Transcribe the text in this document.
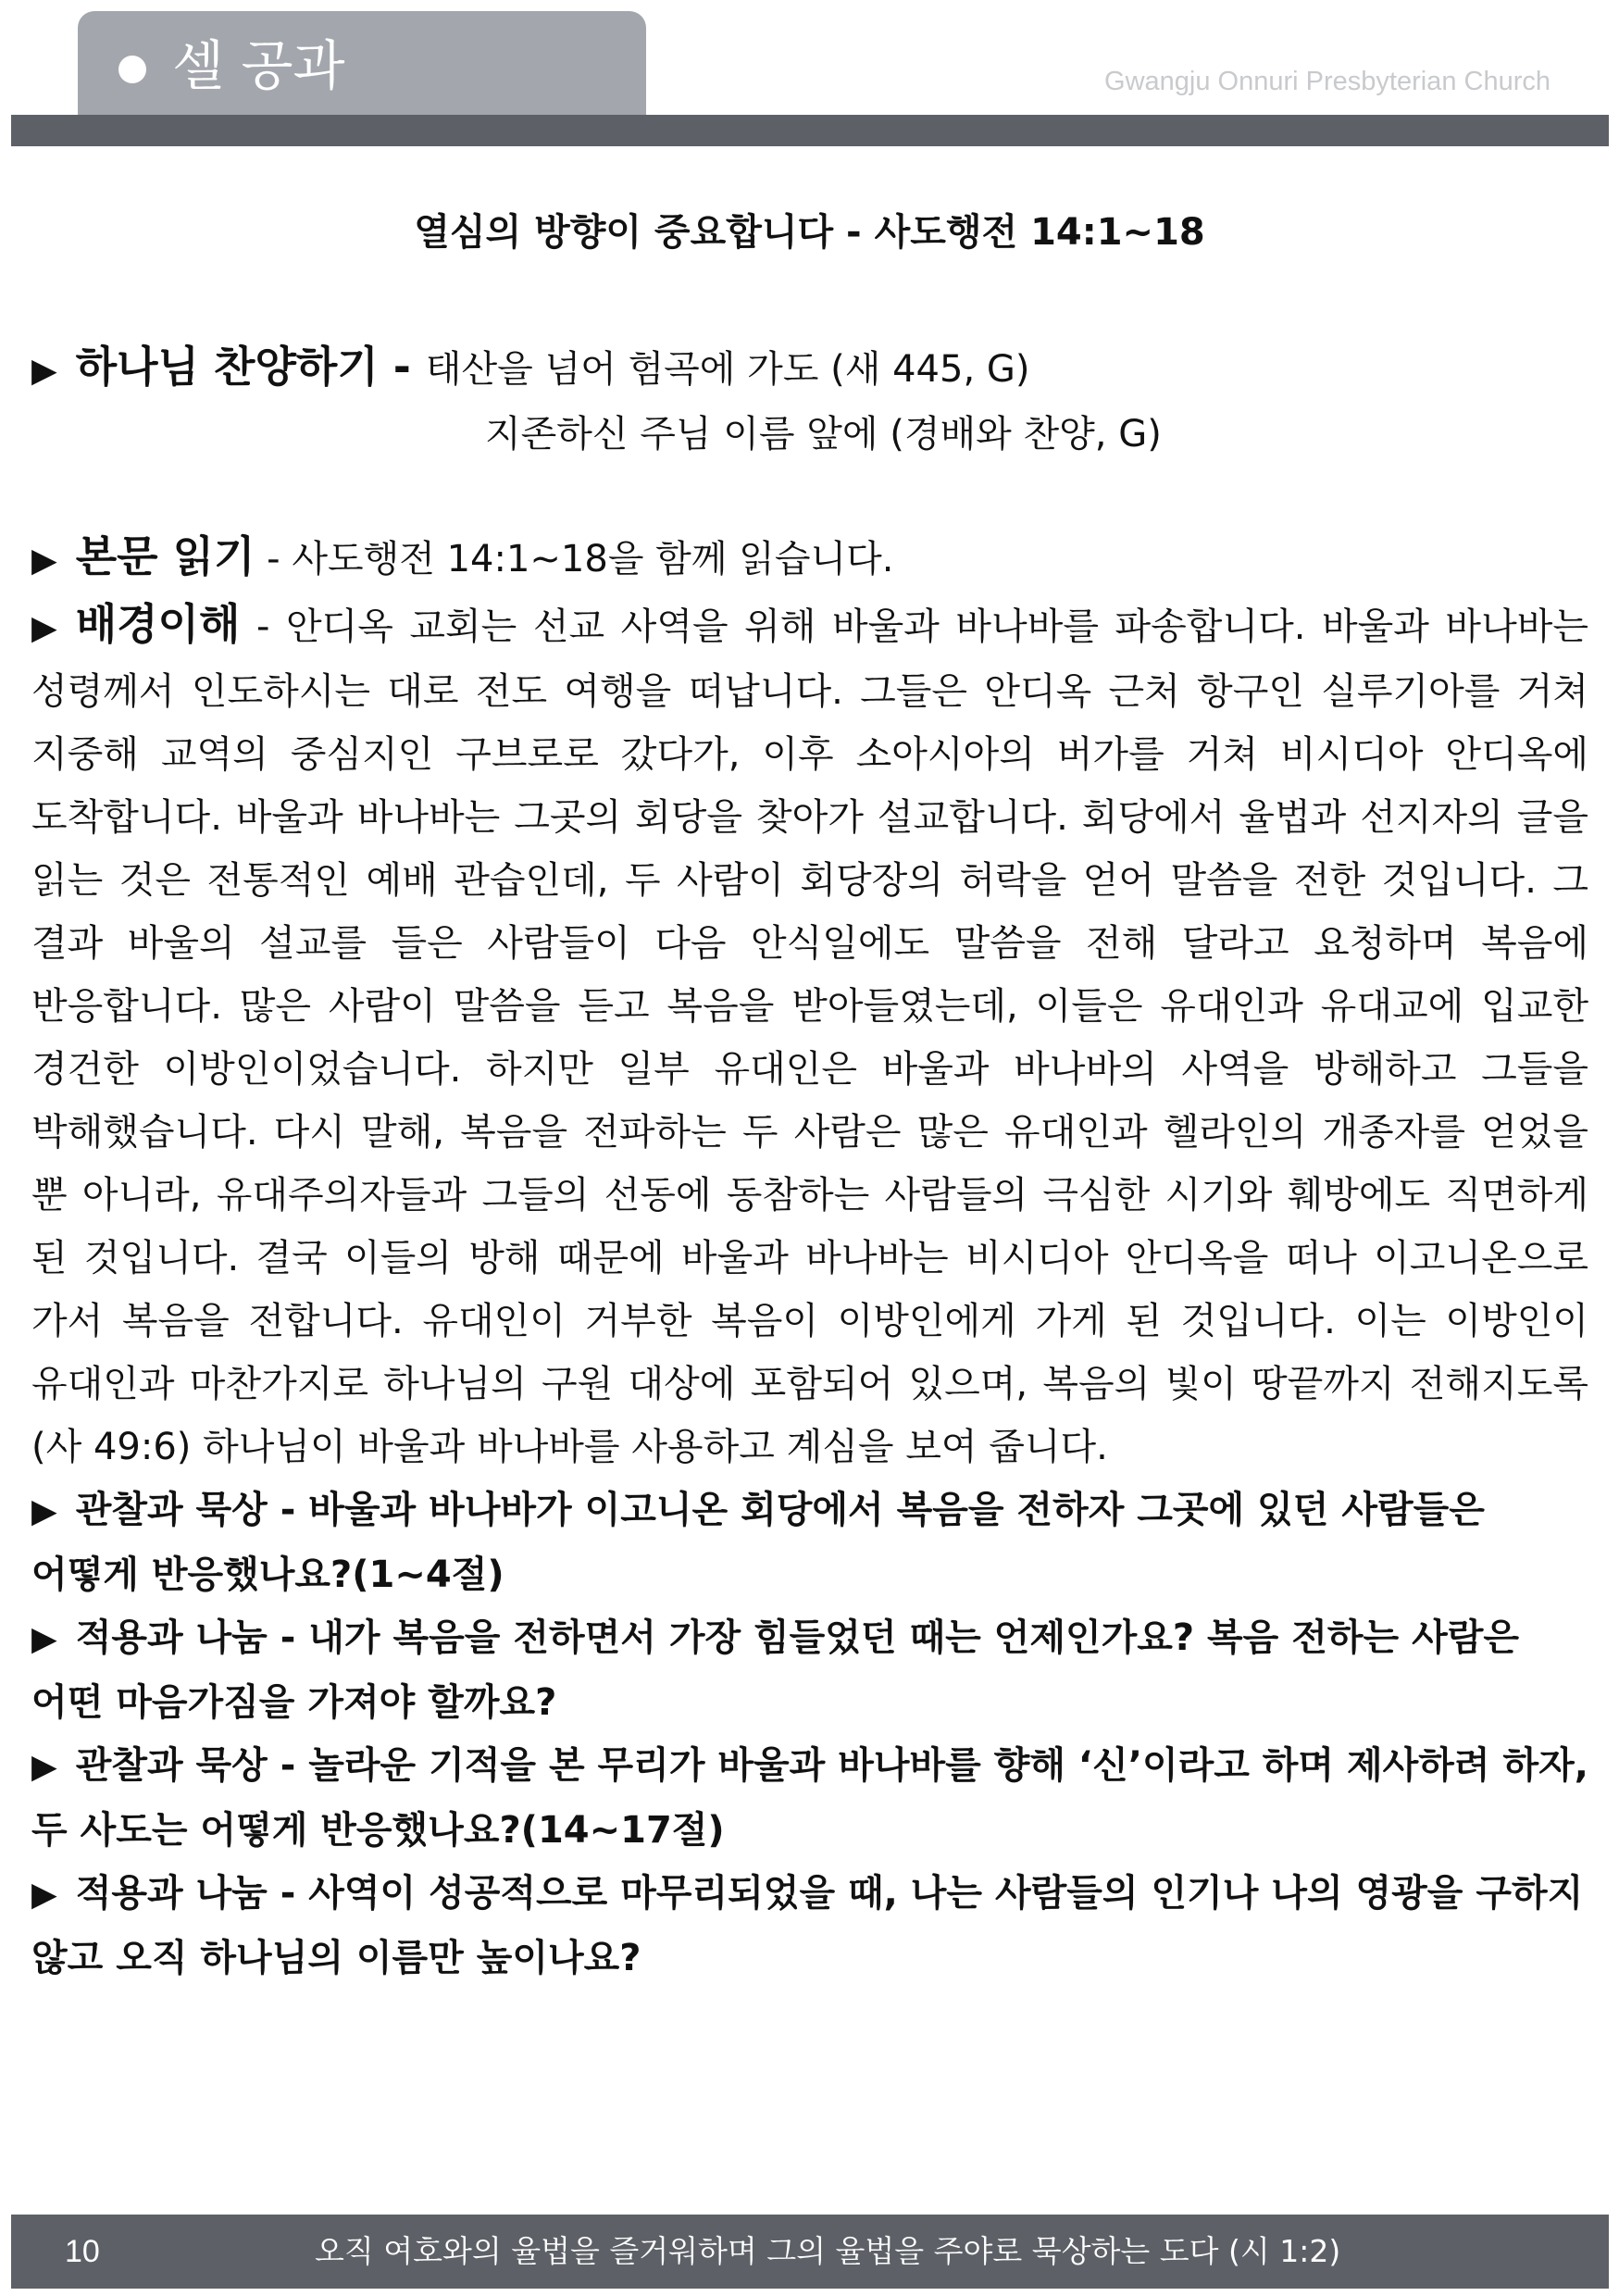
셀 공과	Gwangju Onnuri Presbyterian Church
열심의 방향이 중요합니다 - 사도행전 14:1~18
▶ 하나님 찬양하기 - 태산을 넘어 험곡에 가도 (새 445, G)
지존하신 주님 이름 앞에 (경배와 찬양, G)
▶ 본문 읽기 - 사도행전 14:1~18을 함께 읽습니다.
▶ 배경이해 - 안디옥 교회는 선교 사역을 위해 바울과 바나바를 파송합니다. 바울과 바나바는 성령께서 인도하시는 대로 전도 여행을 떠납니다. 그들은 안디옥 근처 항구인 실루기아를 거쳐 지중해 교역의 중심지인 구브로로 갔다가, 이후 소아시아의 버가를 거쳐 비시디아 안디옥에 도착합니다. 바울과 바나바는 그곳의 회당을 찾아가 설교합니다. 회당에서 율법과 선지자의 글을 읽는 것은 전통적인 예배 관습인데, 두 사람이 회당장의 허락을 얻어 말씀을 전한 것입니다. 그 결과 바울의 설교를 들은 사람들이 다음 안식일에도 말씀을 전해 달라고 요청하며 복음에 반응합니다. 많은 사람이 말씀을 듣고 복음을 받아들였는데, 이들은 유대인과 유대교에 입교한 경건한 이방인이었습니다. 하지만 일부 유대인은 바울과 바나바의 사역을 방해하고 그들을 박해했습니다. 다시 말해, 복음을 전파하는 두 사람은 많은 유대인과 헬라인의 개종자를 얻었을 뿐 아니라, 유대주의자들과 그들의 선동에 동참하는 사람들의 극심한 시기와 훼방에도 직면하게 된 것입니다. 결국 이들의 방해 때문에 바울과 바나바는 비시디아 안디옥을 떠나 이고니온으로 가서 복음을 전합니다. 유대인이 거부한 복음이 이방인에게 가게 된 것입니다. 이는 이방인이 유대인과 마찬가지로 하나님의 구원 대상에 포함되어 있으며, 복음의 빛이 땅끝까지 전해지도록(사 49:6) 하나님이 바울과 바나바를 사용하고 계심을 보여 줍니다.
▶ 관찰과 묵상 - 바울과 바나바가 이고니온 회당에서 복음을 전하자 그곳에 있던 사람들은 어떻게 반응했나요?(1~4절)
▶ 적용과 나눔 - 내가 복음을 전하면서 가장 힘들었던 때는 언제인가요? 복음 전하는 사람은 어떤 마음가짐을 가져야 할까요?
▶ 관찰과 묵상 - 놀라운 기적을 본 무리가 바울과 바나바를 향해 ‘신’이라고 하며 제사하려 하자, 두 사도는 어떻게 반응했나요?(14~17절)
▶ 적용과 나눔 - 사역이 성공적으로 마무리되었을 때, 나는 사람들의 인기나 나의 영광을 구하지 않고 오직 하나님의 이름만 높이나요?
10	오직 여호와의 율법을 즐거워하며 그의 율법을 주야로 묵상하는 도다 (시 1:2)
